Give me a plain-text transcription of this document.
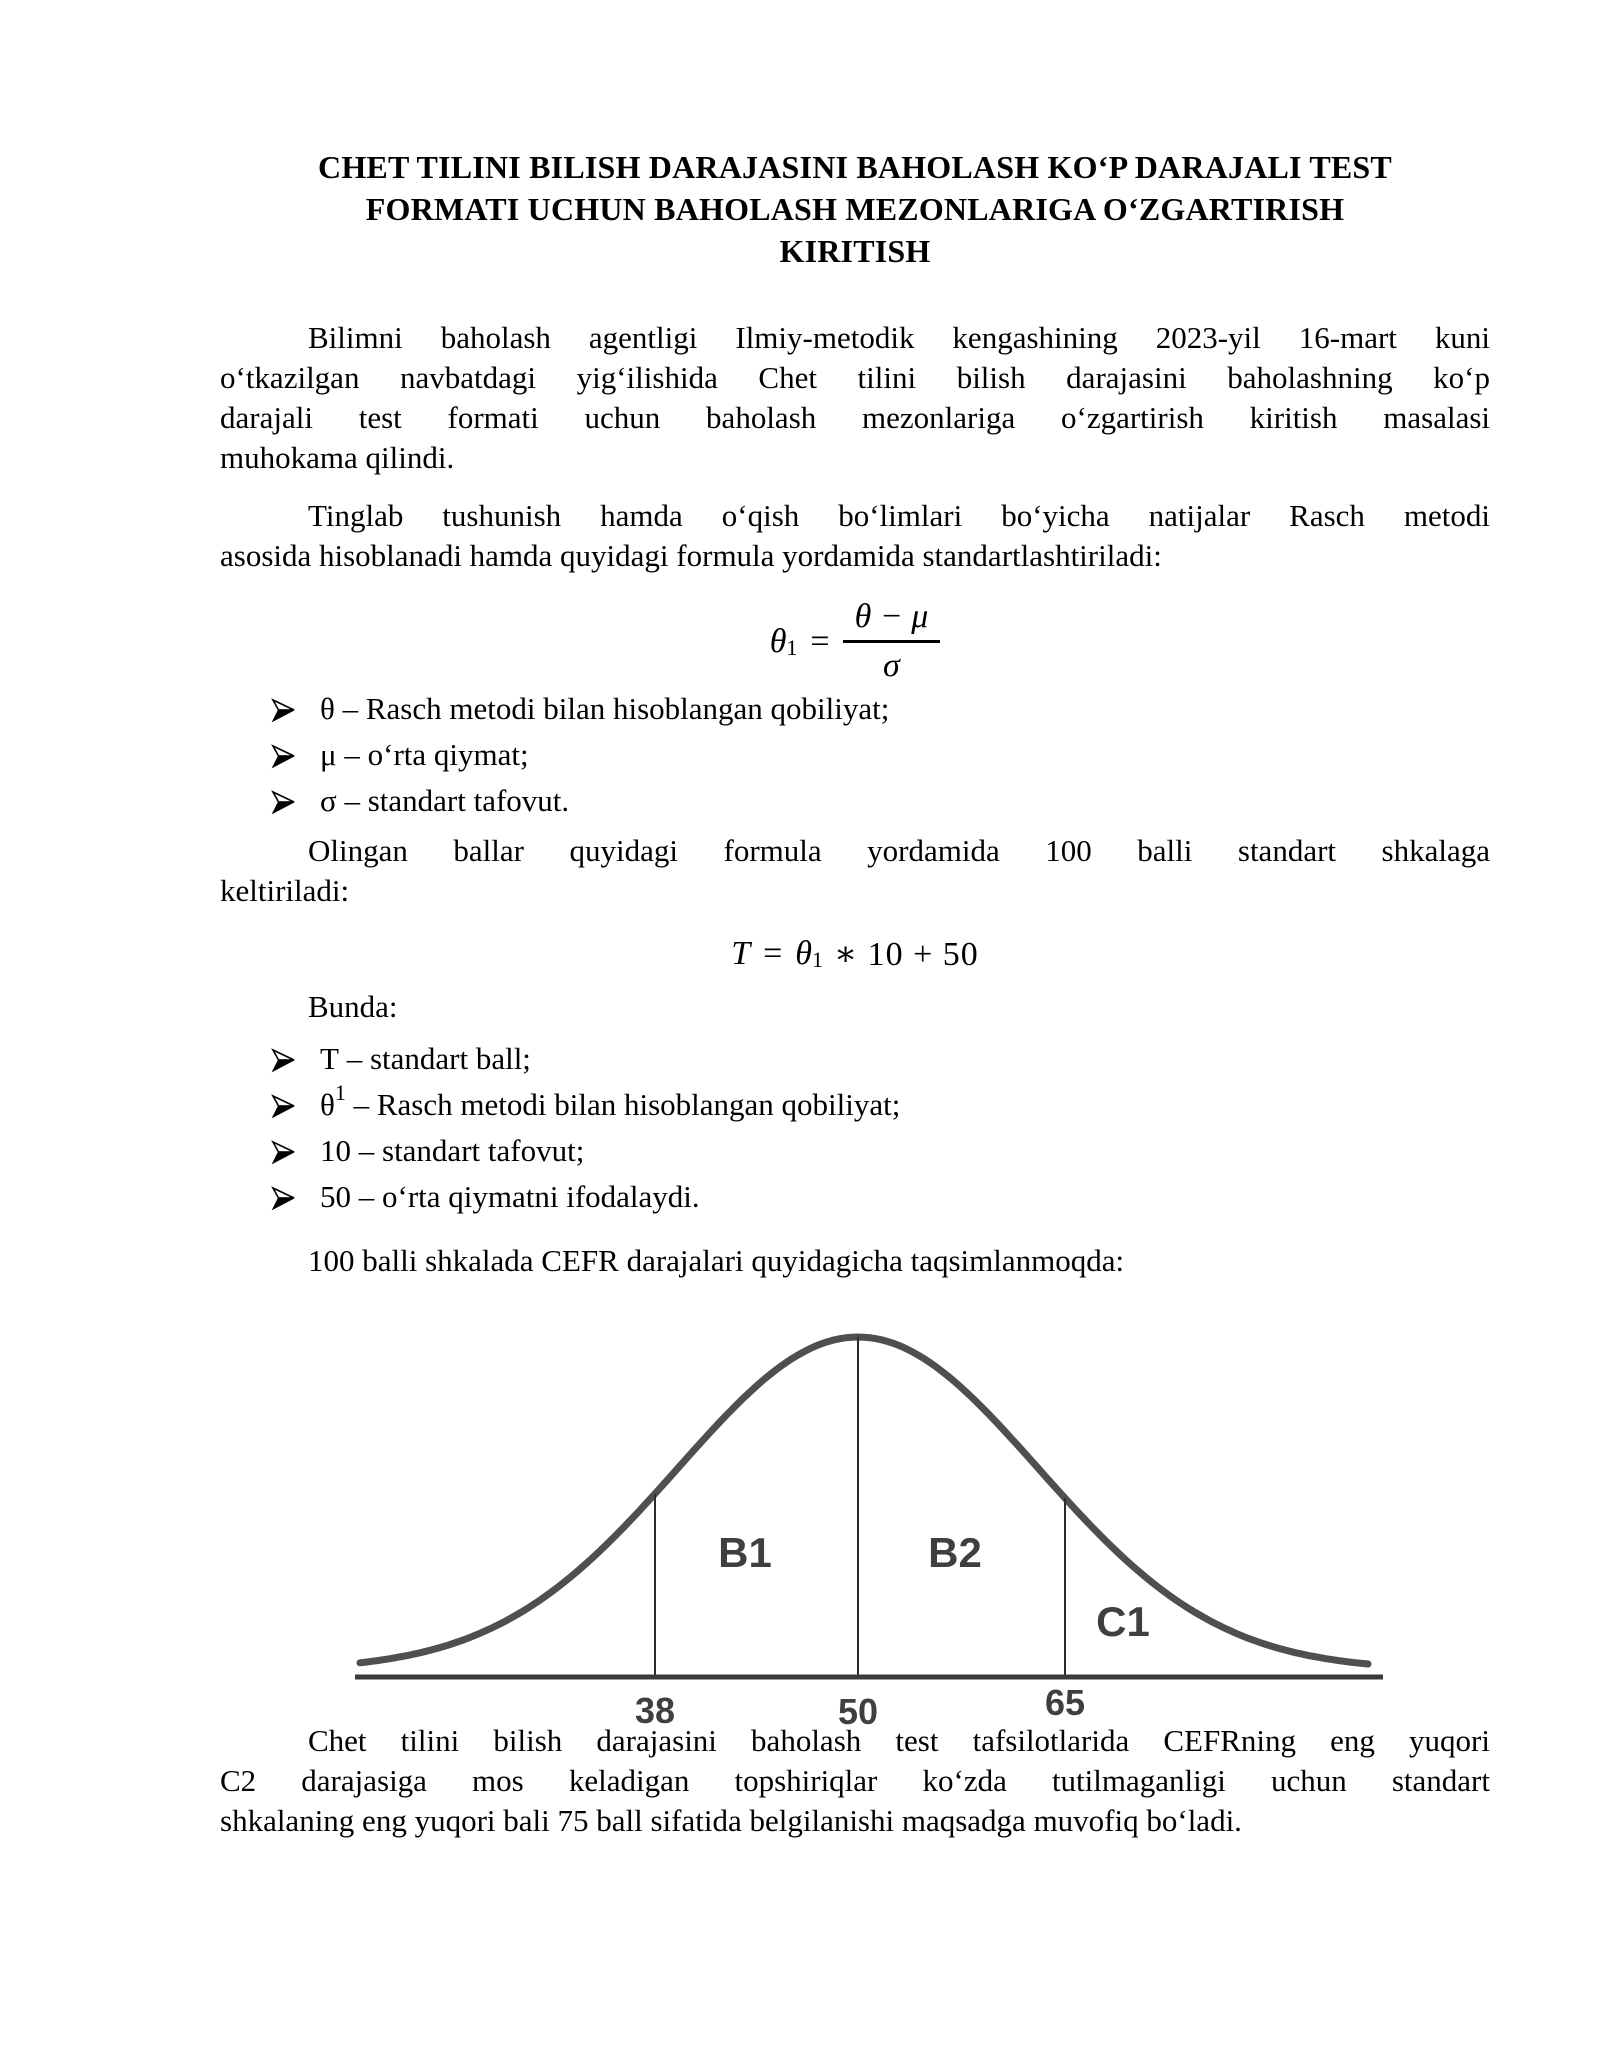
CHET TILINI BILISH DARAJASINI BAHOLASH KO‘P DARAJALI TEST
FORMATI UCHUN BAHOLASH MEZONLARIGA O‘ZGARTIRISH
KIRITISH
Bilimni baholash agentligi Ilmiy-metodik kengashining 2023-yil 16-mart kuni
o‘tkazilgan navbatdagi yig‘ilishida Chet tilini bilish darajasini baholashning ko‘p
darajali test formati uchun baholash mezonlariga o‘zgartirish kiritish masalasi
muhokama qilindi.
Tinglab tushunish hamda o‘qish bo‘limlari bo‘yicha natijalar Rasch metodi
asosida hisoblanadi hamda quyidagi formula yordamida standartlashtiriladi:
θ $1 = \frac{\theta - \mu}{\sigma}$
θ – Rasch metodi bilan hisoblangan qobiliyat;
μ – o‘rta qiymat;
σ – standart tafovut.
Olingan ballar quyidagi formula yordamida 100 balli standart shkalaga
keltiriladi:
T = θ 1 ∗ 10 + 50
Bunda:
T – standart ball;
θ 1 – Rasch metodi bilan hisoblangan qobiliyat;
10 – standart tafovut;
50 – o‘rta qiymatni ifodalaydi.
100 balli shkalada CEFR darajalari quyidagicha taqsimlanmoqda:
38	50	65
B1	B2
C1
Chet tilini bilish darajasini baholash test tafsilotlarida CEFRning eng yuqori
C2 darajasiga mos keladigan topshiriqlar ko‘zda tutilmaganligi uchun standart
shkalaning eng yuqori bali 75 ball sifatida belgilanishi maqsadga muvofiq bo‘ladi.
